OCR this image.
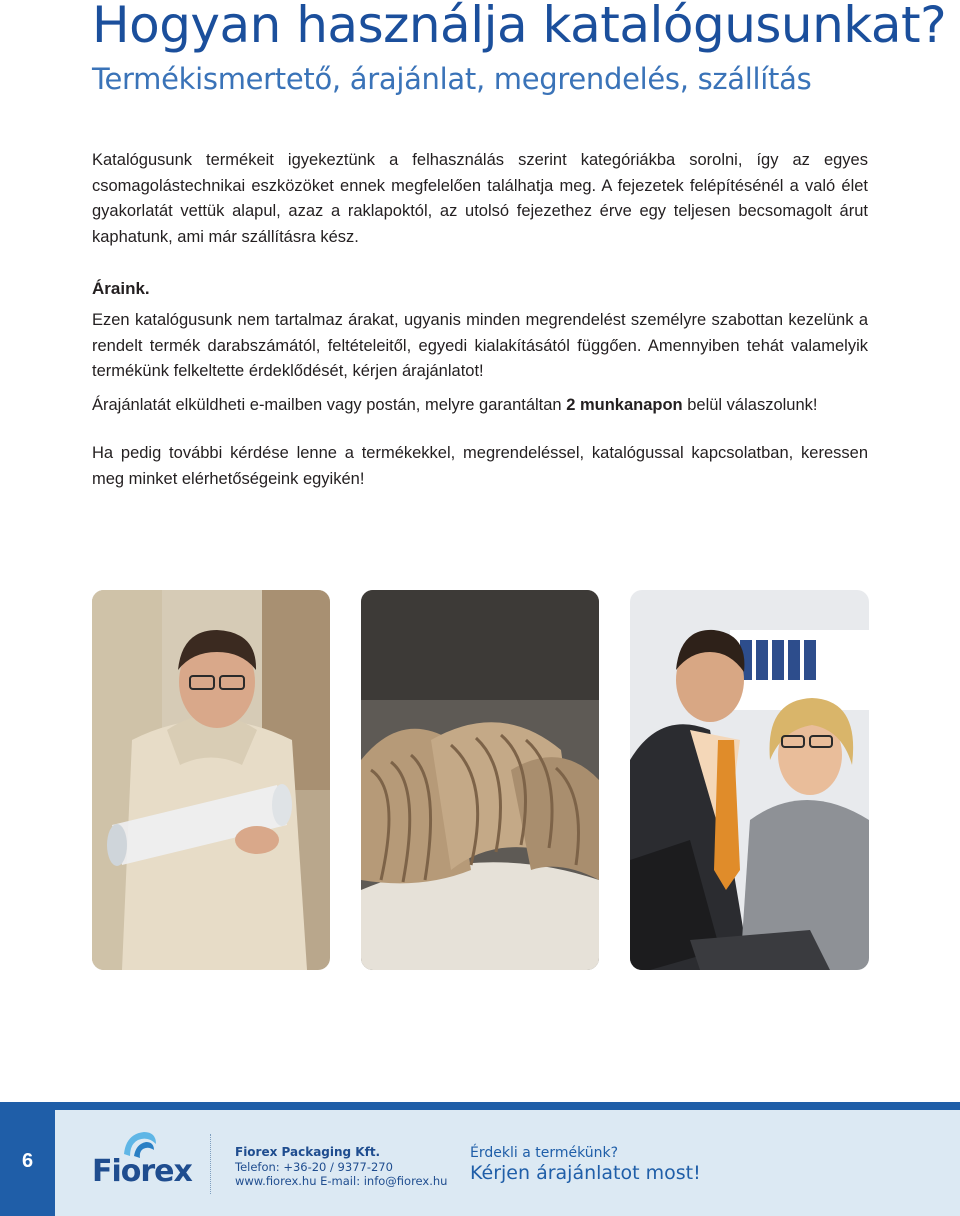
Hogyan használja katalógusunkat?
Termékismertető, árajánlat, megrendelés, szállítás

Katalógusunk termékeit igyekeztünk a felhasználás szerint kategóriákba sorolni, így az egyes csomagolástechnikai eszközöket ennek megfelelően találhatja meg. A fejezetek felépítésénél a való élet gyakorlatát vettük alapul, azaz a raklapoktól, az utolsó fejezethez érve egy teljesen becsomagolt árut kaphatunk, ami már szállításra kész.

Áraink.

Ezen katalógusunk nem tartalmaz árakat, ugyanis minden megrendelést személyre szabottan kezelünk a rendelt termék darabszámától, feltételeitől, egyedi kialakításától függően. Amennyiben tehát valamelyik termékünk felkeltette érdeklődését, kérjen árajánlatot!

Árajánlatát elküldheti e-mailben vagy postán, melyre garantáltan 2 munkanapon belül válaszolunk!

Ha pedig további kérdése lenne a termékekkel, megrendeléssel, katalógussal kapcsolatban, keressen meg minket elérhetőségeink egyikén!

6	Fiorex
Fiorex Packaging Kft.
Telefon: +36-20 / 9377-270
www.fiorex.hu E-mail: info@fiorex.hu
Érdekli a termékünk?
Kérjen árajánlatot most!
